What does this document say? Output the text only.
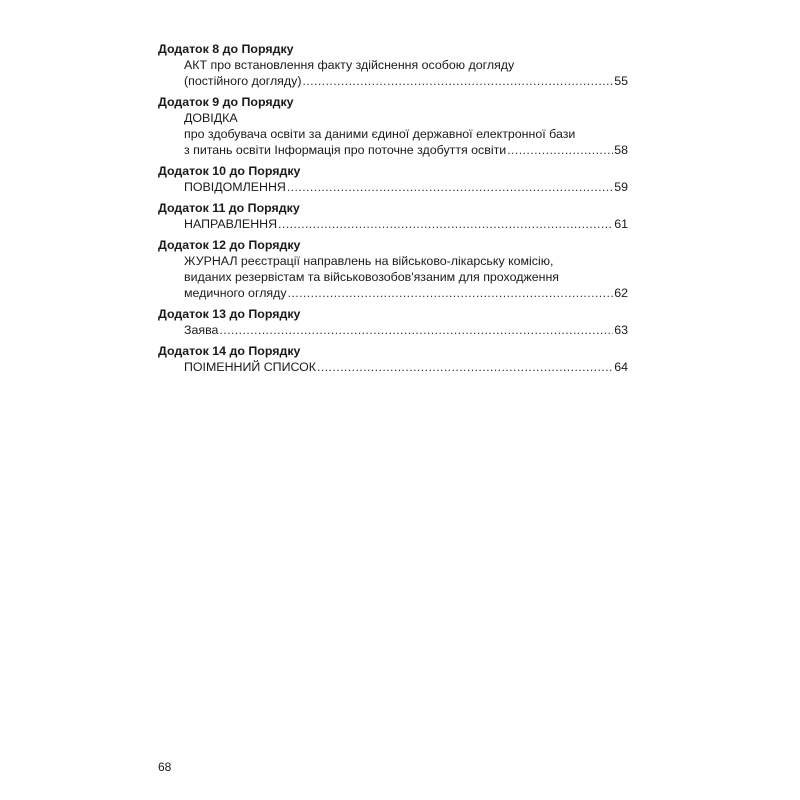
Додаток 8 до Порядку
АКТ про встановлення факту здійснення особою догляду
(постійного догляду) .....	55
Додаток 9 до Порядку
ДОВІДКА
про здобувача освіти за даними єдиної державної електронної бази
з питань освіти Інформація про поточне здобуття освіти .....	58
Додаток 10 до Порядку
ПОВІДОМЛЕННЯ .....	59
Додаток 11 до Порядку
НАПРАВЛЕННЯ .....	61
Додаток 12 до Порядку
ЖУРНАЛ реєстрації направлень на військово-лікарську комісію,
виданих резервістам та військовозобов'язаним для проходження
медичного огляду .....	62
Додаток 13 до Порядку
Заява .....	63
Додаток 14 до Порядку
ПОІМЕННИЙ СПИСОК .....	64
68
